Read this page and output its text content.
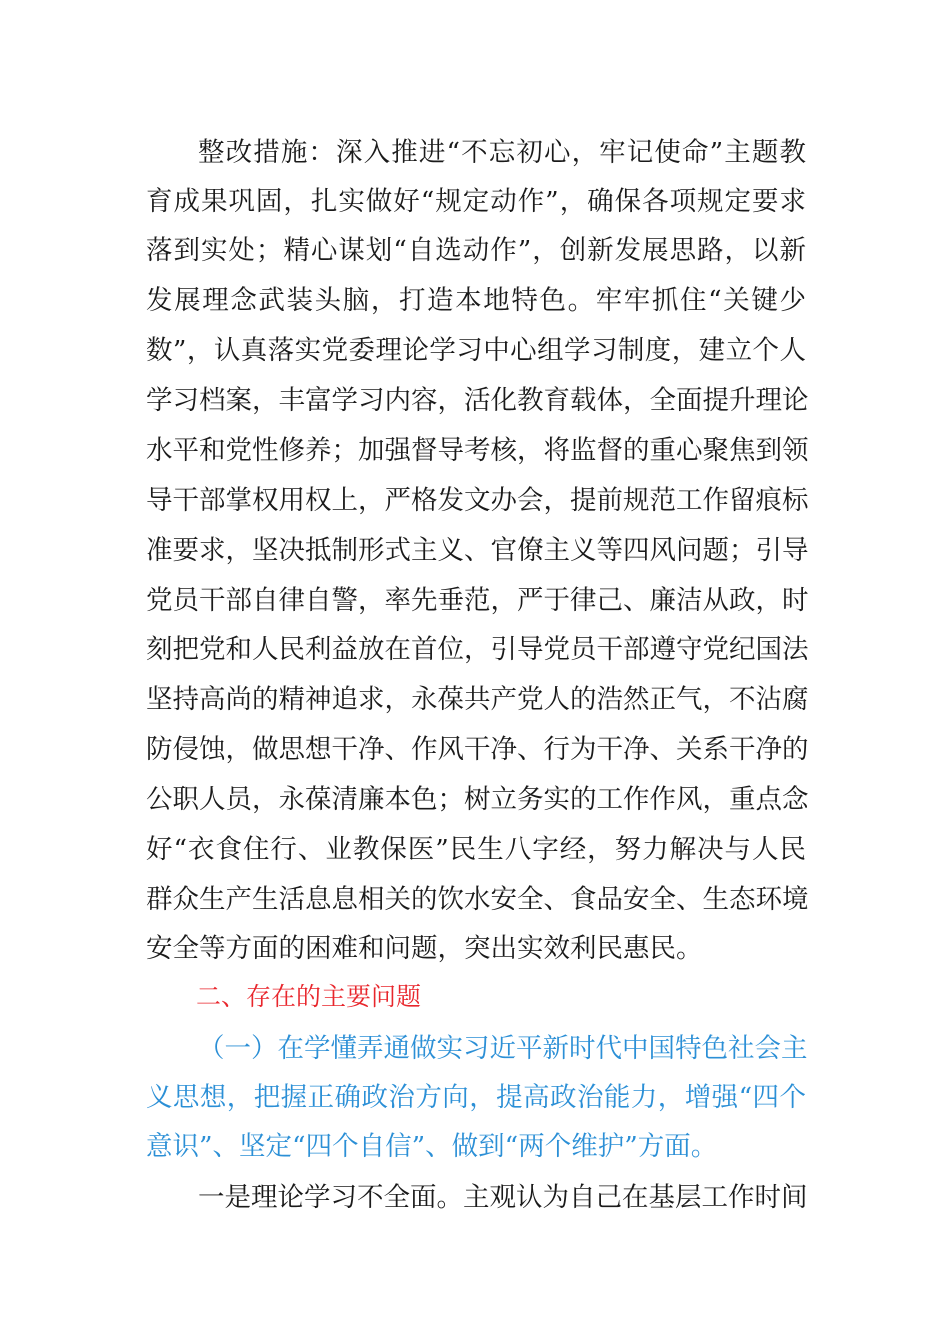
整改措施：深入推进“不忘初心，牢记使命”主题教
育成果巩固，扎实做好“规定动作”，确保各项规定要求
落到实处；精心谋划“自选动作”，创新发展思路，以新
发展理念武装头脑，打造本地特色。牢牢抓住“关键少
数”，认真落实党委理论学习中心组学习制度，建立个人
学习档案，丰富学习内容，活化教育载体，全面提升理论
水平和党性修养；加强督导考核，将监督的重心聚焦到领
导干部掌权用权上，严格发文办会，提前规范工作留痕标
准要求，坚决抵制形式主义、官僚主义等四风问题；引导
党员干部自律自警，率先垂范，严于律己、廉洁从政，时
刻把党和人民利益放在首位，引导党员干部遵守党纪国法
坚持高尚的精神追求，永葆共产党人的浩然正气，不沾腐
防侵蚀，做思想干净、作风干净、行为干净、关系干净的
公职人员，永葆清廉本色；树立务实的工作作风，重点念
好“衣食住行、业教保医”民生八字经，努力解决与人民
群众生产生活息息相关的饮水安全、食品安全、生态环境
安全等方面的困难和问题，突出实效利民惠民。
二、存在的主要问题
（一）在学懂弄通做实习近平新时代中国特色社会主
义思想，把握正确政治方向，提高政治能力，增强“四个
意识”、坚定“四个自信”、做到“两个维护”方面。
一是理论学习不全面。主观认为自己在基层工作时间
